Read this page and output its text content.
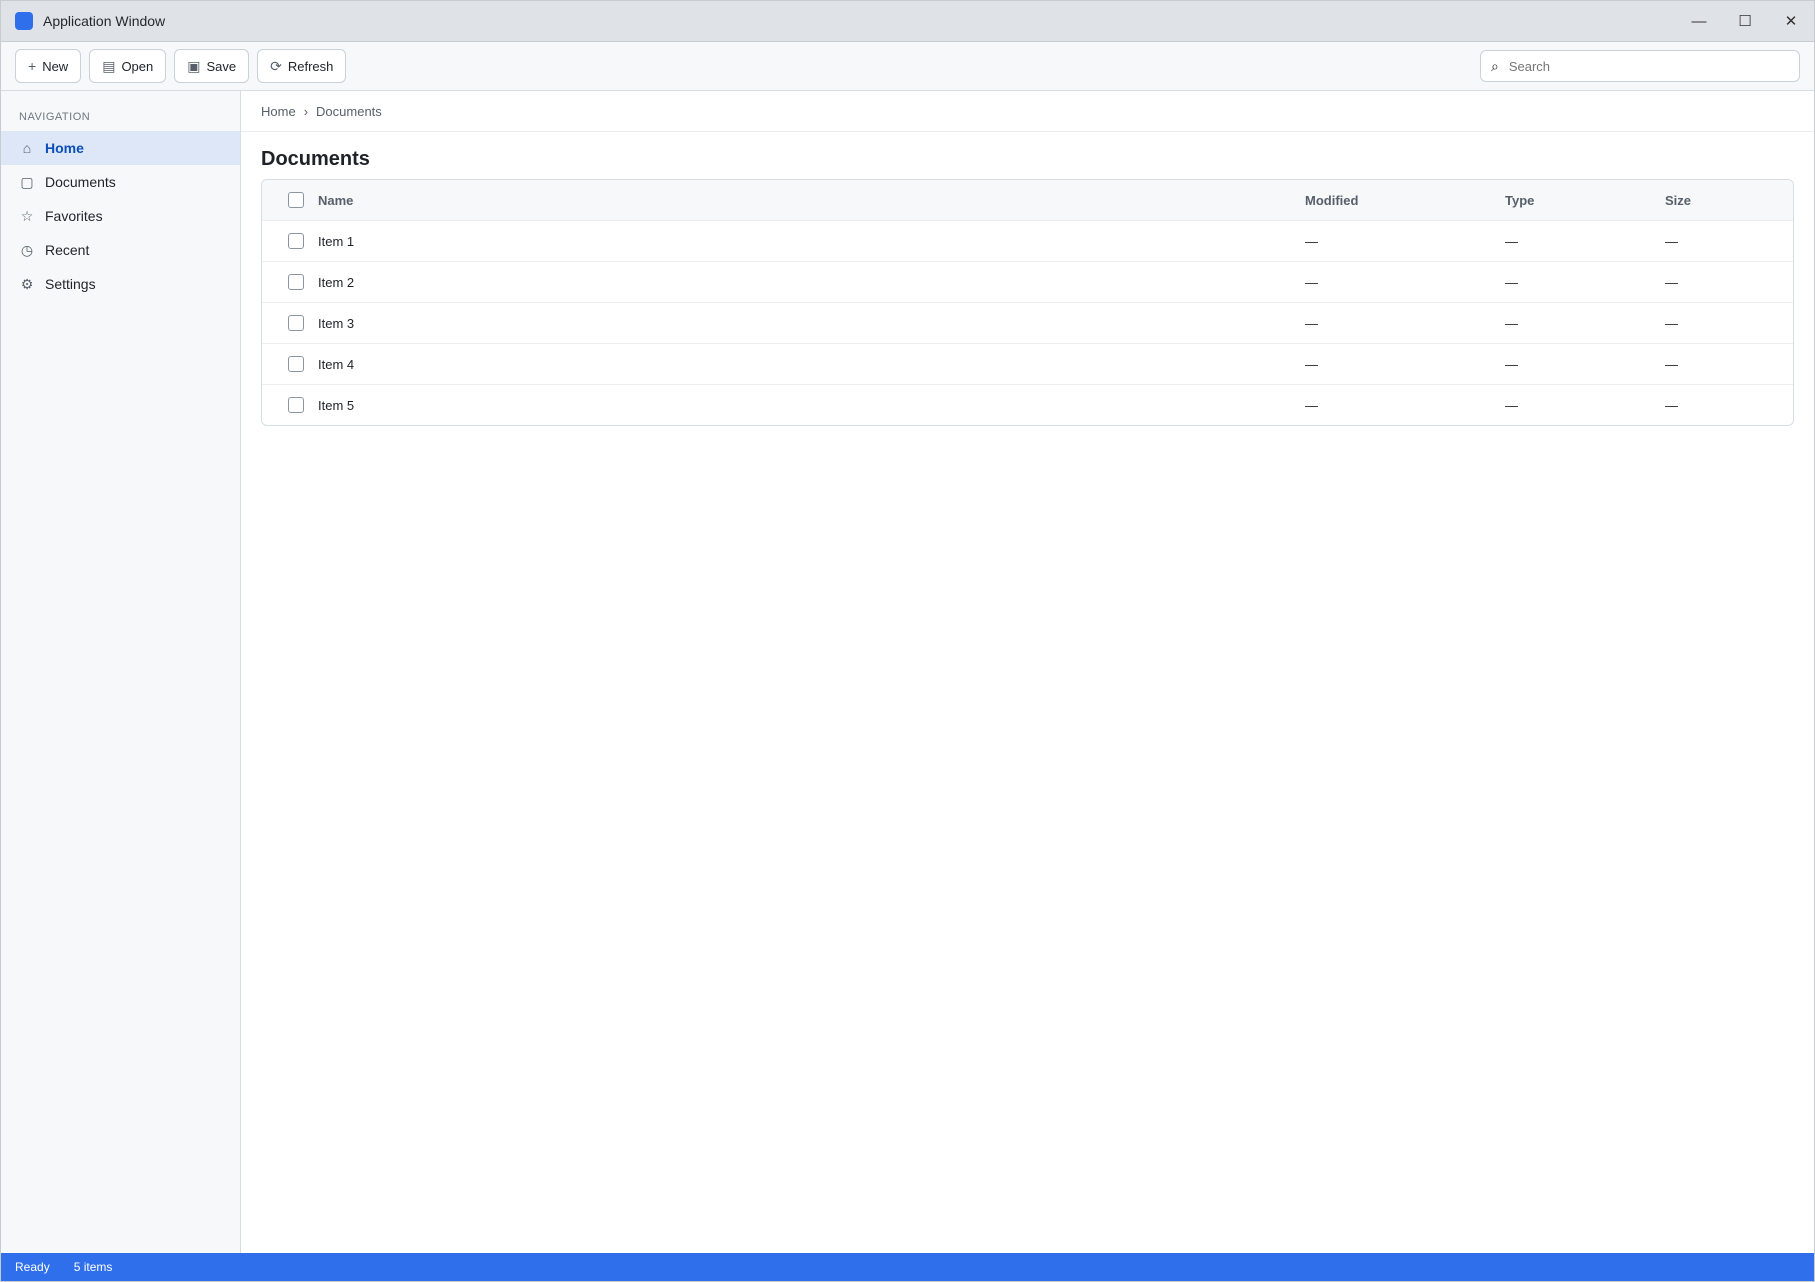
Application Window	—	☐	✕
+ New ▤ Open ▣ Save ⟳ Refresh	⌕
Search
NAVIGATION
⌂ Home
▢ Documents
☆ Favorites
◷ Recent
⚙ Settings
Home › Documents
Documents
Name	Modified	Type	Size
Item 1	—	—	—
Item 2	—	—	—
Item 3	—	—	—
Item 4	—	—	—
Item 5	—	—	—
Ready 5 items
